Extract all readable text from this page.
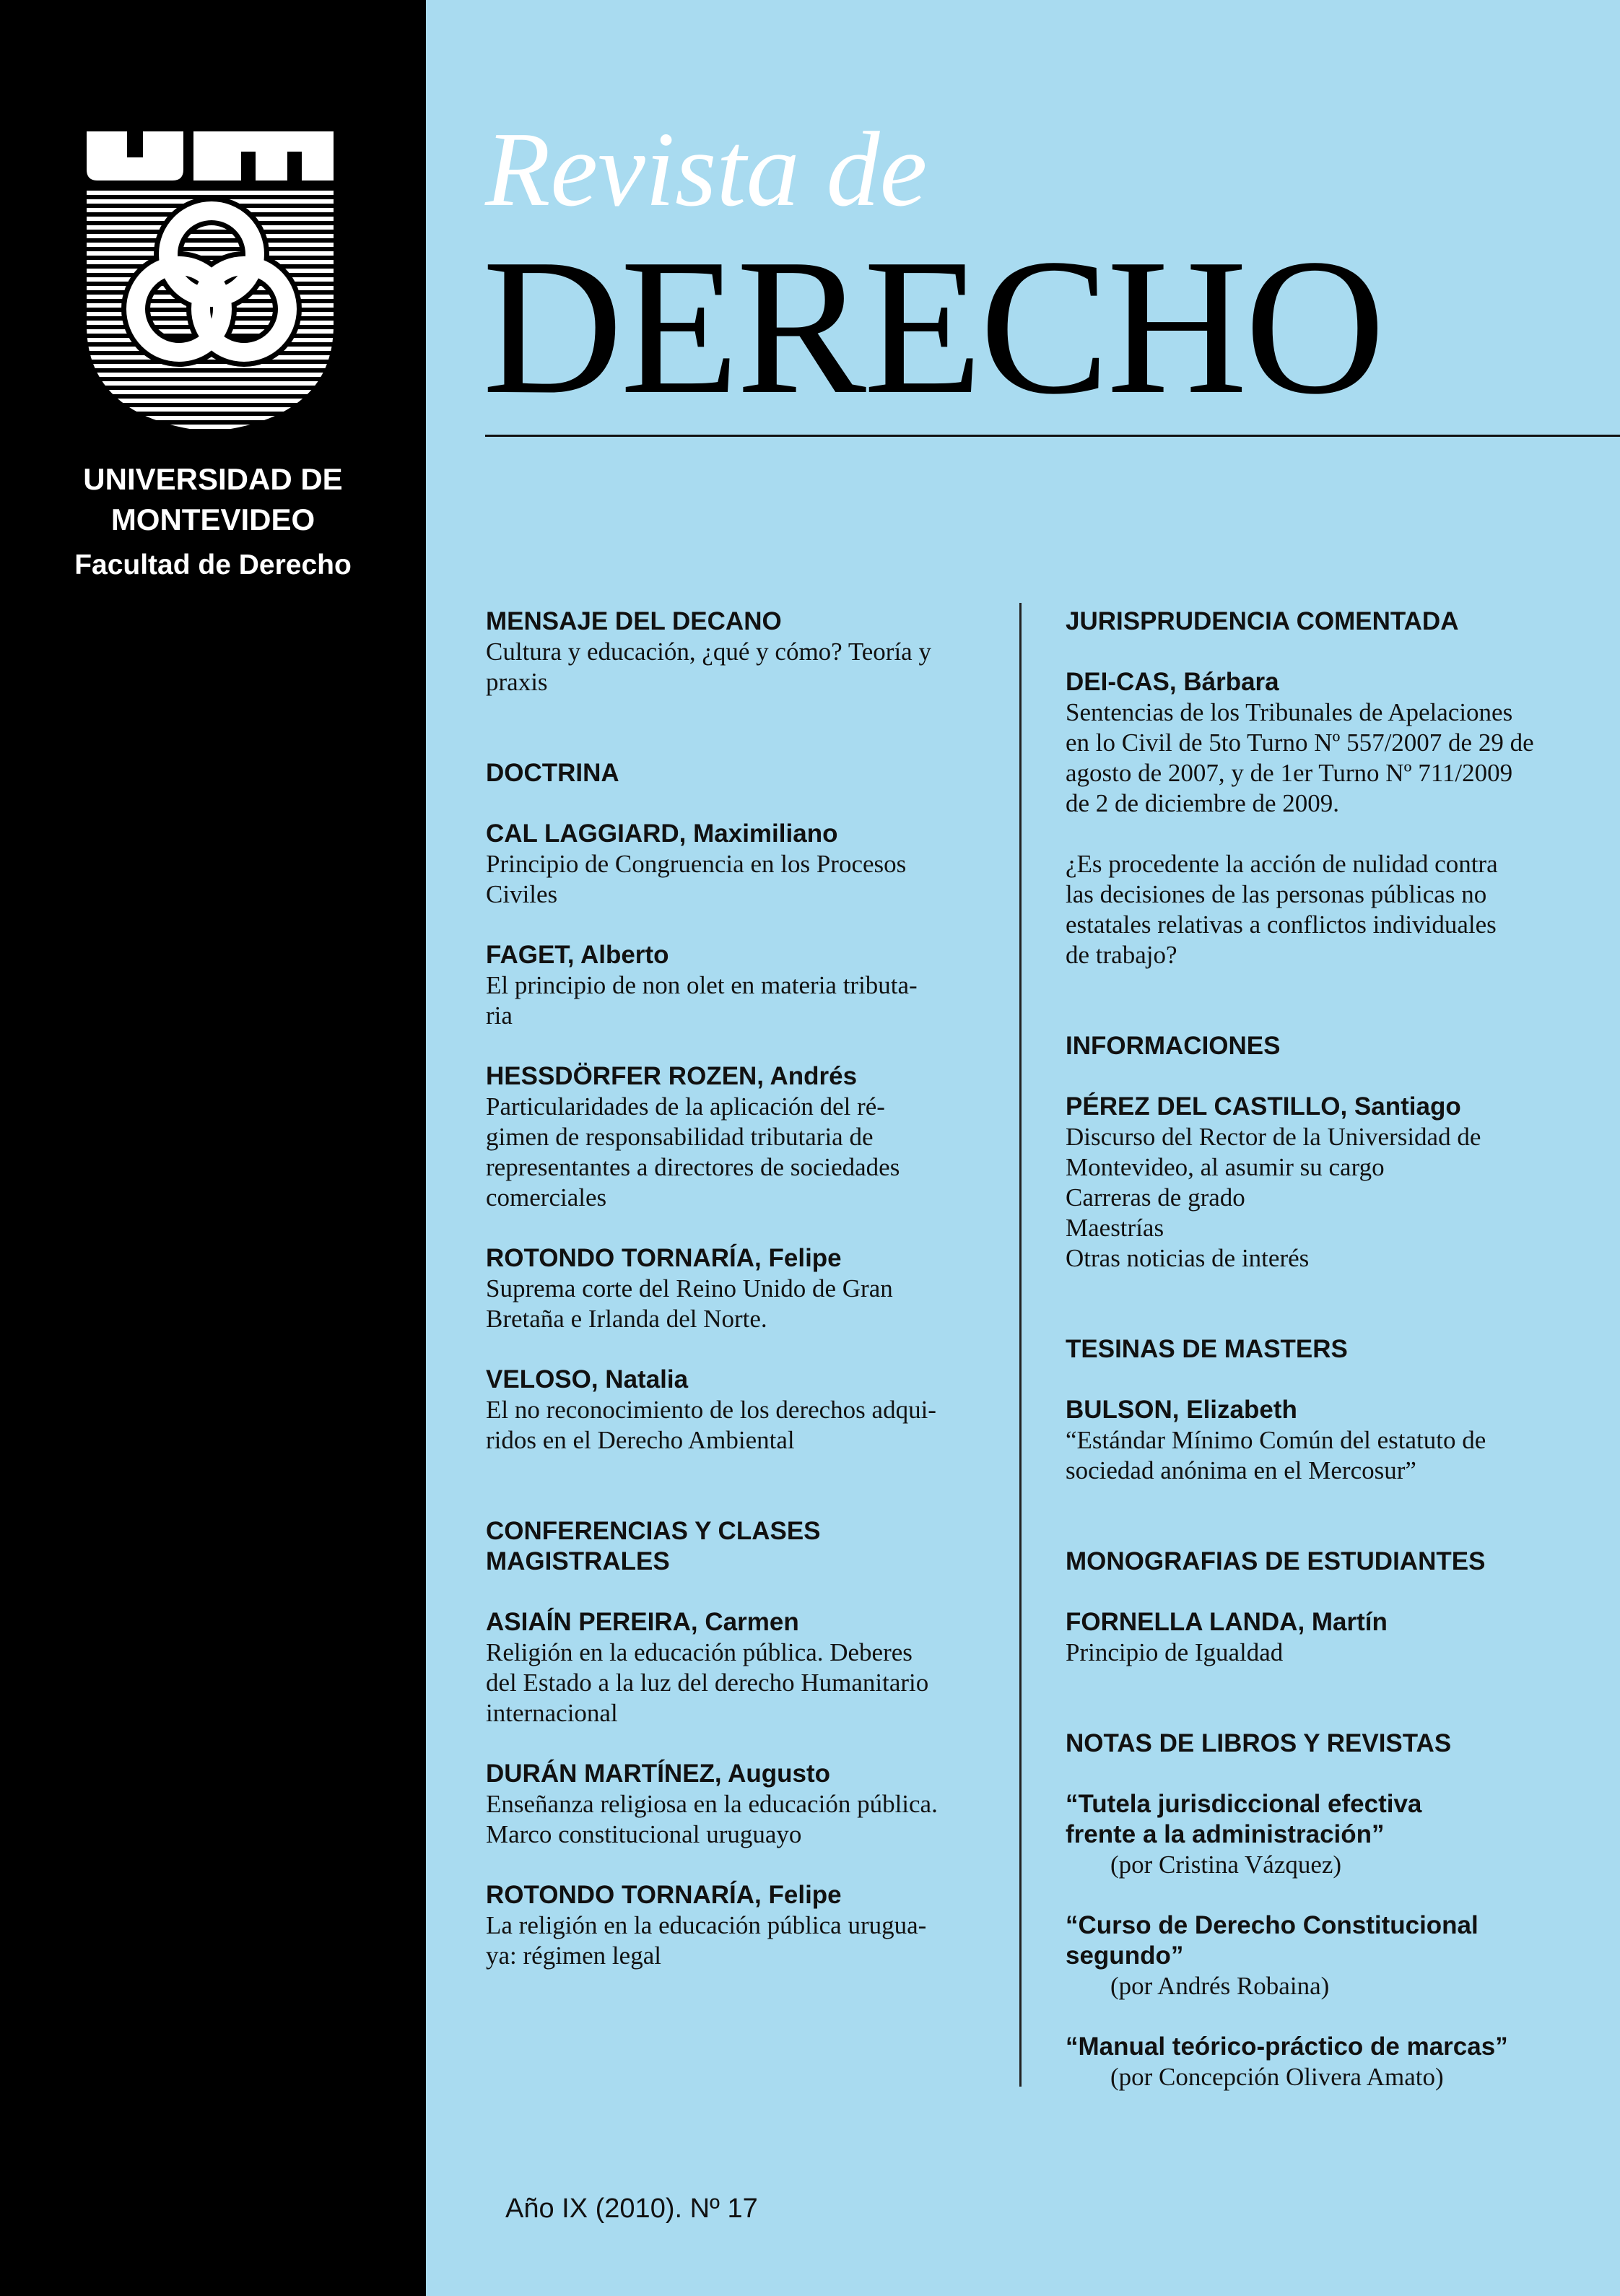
UNIVERSIDAD DE
MONTEVIDEO
Facultad de Derecho
Revista de
DERECHO

MENSAJE DEL DECANO

Cultura y educación, ¿qué y cómo? Teoría y

praxis

DOCTRINA

CAL LAGGIARD, Maximiliano

Principio de Congruencia en los Procesos

Civiles

FAGET, Alberto

El principio de non olet en materia tributa-

ria

HESSDÖRFER ROZEN, Andrés

Particularidades de la aplicación del ré-

gimen de responsabilidad tributaria de

representantes a directores de sociedades

comerciales

ROTONDO TORNARÍA, Felipe

Suprema corte del Reino Unido de Gran

Bretaña e Irlanda del Norte.

VELOSO, Natalia

El no reconocimiento de los derechos adqui-

ridos en el Derecho Ambiental

CONFERENCIAS Y CLASES

MAGISTRALES

ASIAÍN PEREIRA, Carmen

Religión en la educación pública. Deberes

del Estado a la luz del derecho Humanitario

internacional

DURÁN MARTÍNEZ, Augusto

Enseñanza religiosa en la educación pública.

Marco constitucional uruguayo

ROTONDO TORNARÍA, Felipe

La religión en la educación pública urugua-

ya: régimen legal

JURISPRUDENCIA COMENTADA

DEI-CAS, Bárbara

Sentencias de los Tribunales de Apelaciones

en lo Civil de 5to Turno Nº 557/2007 de 29 de

agosto de 2007, y de 1er Turno Nº 711/2009

de 2 de diciembre de 2009.

¿Es procedente la acción de nulidad contra

las decisiones de las personas públicas no

estatales relativas a conflictos individuales

de trabajo?

INFORMACIONES

PÉREZ DEL CASTILLO, Santiago

Discurso del Rector de la Universidad de

Montevideo, al asumir su cargo

Carreras de grado

Maestrías

Otras noticias de interés

TESINAS DE MASTERS

BULSON, Elizabeth

“Estándar Mínimo Común del estatuto de

sociedad anónima en el Mercosur”

MONOGRAFIAS DE ESTUDIANTES

FORNELLA LANDA, Martín

Principio de Igualdad

NOTAS DE LIBROS Y REVISTAS

“Tutela jurisdiccional efectiva

frente a la administración”

(por Cristina Vázquez)

“Curso de Derecho Constitucional

segundo”

(por Andrés Robaina)

“Manual teórico-práctico de marcas”

(por Concepción Olivera Amato)

Año IX (2010). Nº 17
